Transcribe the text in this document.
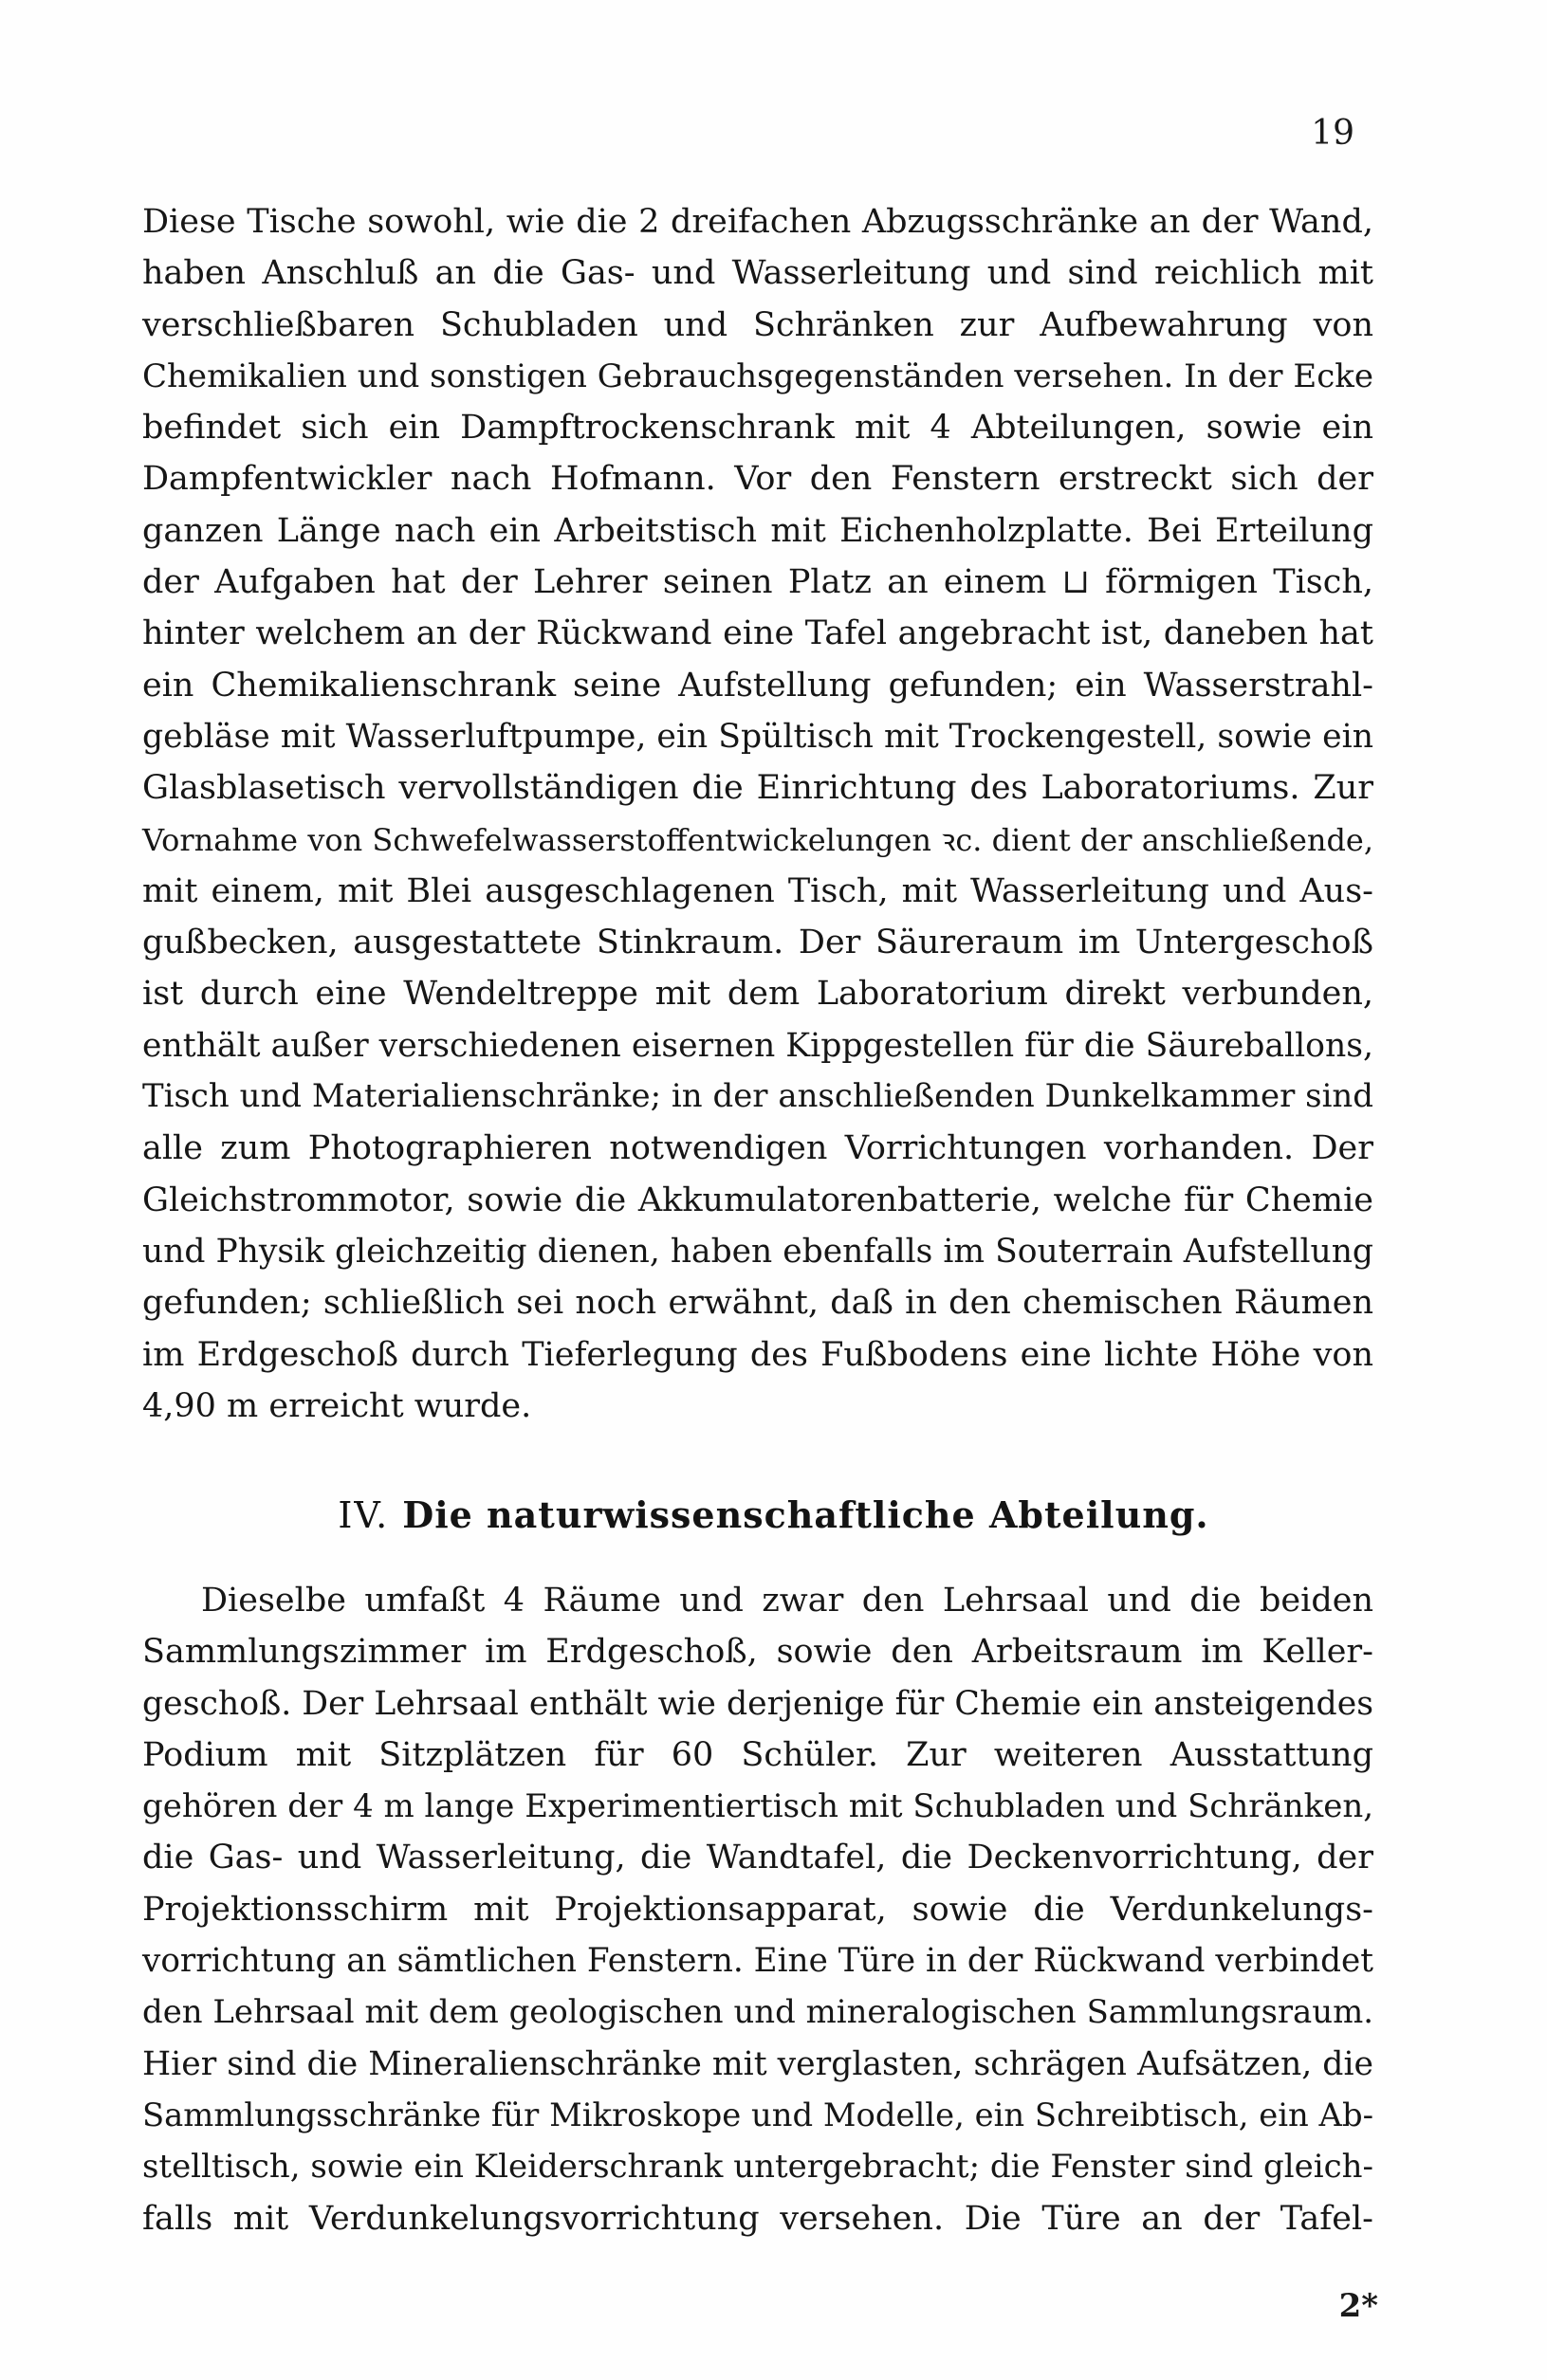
19
Diese Tische sowohl, wie die 2 dreifachen Abzugsschränke an der Wand,
haben Anschluß an die Gas- und Wasserleitung und sind reichlich mit
verschließbaren Schubladen und Schränken zur Aufbewahrung von
Chemikalien und sonstigen Gebrauchsgegenständen versehen. In der Ecke
befindet sich ein Dampftrockenschrank mit 4 Abteilungen, sowie ein
Dampfentwickler nach Hofmann. Vor den Fenstern erstreckt sich der
ganzen Länge nach ein Arbeitstisch mit Eichenholzplatte. Bei Erteilung
der Aufgaben hat der Lehrer seinen Platz an einem ⊔ förmigen Tisch,
hinter welchem an der Rückwand eine Tafel angebracht ist, daneben hat
ein Chemikalienschrank seine Aufstellung gefunden; ein Wasserstrahl-
gebläse mit Wasserluftpumpe, ein Spültisch mit Trockengestell, sowie ein
Glasblasetisch vervollständigen die Einrichtung des Laboratoriums. Zur
Vornahme von Schwefelwasserstoffentwickelungen ꝛc. dient der anschließende,
mit einem, mit Blei ausgeschlagenen Tisch, mit Wasserleitung und Aus-
gußbecken, ausgestattete Stinkraum. Der Säureraum im Untergeschoß
ist durch eine Wendeltreppe mit dem Laboratorium direkt verbunden,
enthält außer verschiedenen eisernen Kippgestellen für die Säureballons,
Tisch und Materialienschränke; in der anschließenden Dunkelkammer sind
alle zum Photographieren notwendigen Vorrichtungen vorhanden. Der
Gleichstrommotor, sowie die Akkumulatorenbatterie, welche für Chemie
und Physik gleichzeitig dienen, haben ebenfalls im Souterrain Aufstellung
gefunden; schließlich sei noch erwähnt, daß in den chemischen Räumen
im Erdgeschoß durch Tieferlegung des Fußbodens eine lichte Höhe von
4,90 m erreicht wurde.
IV. Die naturwissenschaftliche Abteilung.
Dieselbe umfaßt 4 Räume und zwar den Lehrsaal und die beiden
Sammlungszimmer im Erdgeschoß, sowie den Arbeitsraum im Keller-
geschoß. Der Lehrsaal enthält wie derjenige für Chemie ein ansteigendes
Podium mit Sitzplätzen für 60 Schüler. Zur weiteren Ausstattung
gehören der 4 m lange Experimentiertisch mit Schubladen und Schränken,
die Gas- und Wasserleitung, die Wandtafel, die Deckenvorrichtung, der
Projektionsschirm mit Projektionsapparat, sowie die Verdunkelungs-
vorrichtung an sämtlichen Fenstern. Eine Türe in der Rückwand verbindet
den Lehrsaal mit dem geologischen und mineralogischen Sammlungsraum.
Hier sind die Mineralienschränke mit verglasten, schrägen Aufsätzen, die
Sammlungsschränke für Mikroskope und Modelle, ein Schreibtisch, ein Ab-
stelltisch, sowie ein Kleiderschrank untergebracht; die Fenster sind gleich-
falls mit Verdunkelungsvorrichtung versehen. Die Türe an der Tafel-
2*
